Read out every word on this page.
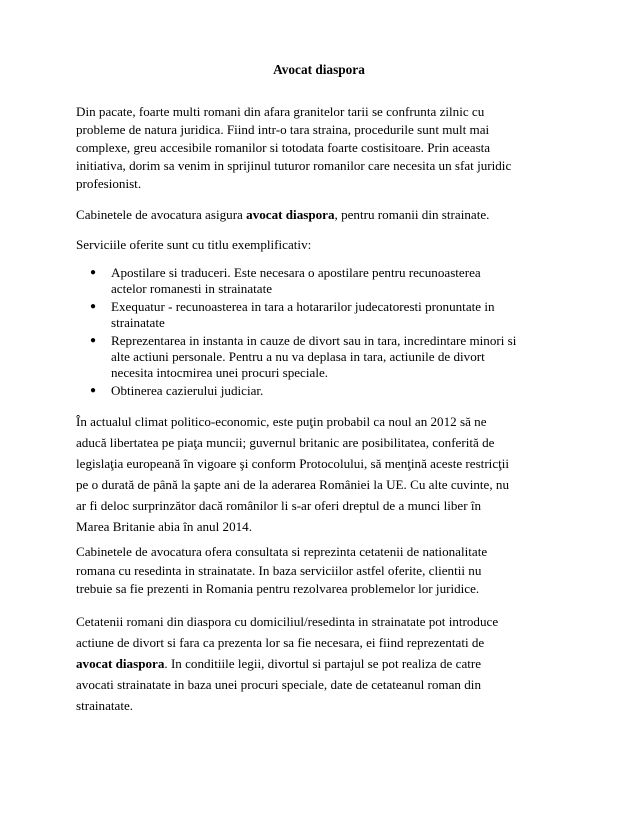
Avocat diaspora

Din pacate, foarte multi romani din afara granitelor tarii se confrunta zilnic cu
probleme de natura juridica. Fiind intr-o tara straina, procedurile sunt mult mai
complexe, greu accesibile romanilor si totodata foarte costisitoare. Prin aceasta
initiativa, dorim sa venim in sprijinul tuturor romanilor care necesita un sfat juridic
profesionist.

Cabinetele de avocatura asigura avocat diaspora, pentru romanii din strainate.

Serviciile oferite sunt cu titlu exemplificativ:

● Apostilare si traduceri. Este necesara o apostilare pentru recunoasterea
actelor romanesti in strainatate
● Exequatur - recunoasterea in tara a hotararilor judecatoresti pronuntate in
strainatate
● Reprezentarea in instanta in cauze de divort sau in tara, incredintare minori si
alte actiuni personale. Pentru a nu va deplasa in tara, actiunile de divort
necesita intocmirea unei procuri speciale.
● Obtinerea cazierului judiciar.

În actualul climat politico-economic, este puţin probabil ca noul an 2012 să ne
aducă libertatea pe piaţa muncii; guvernul britanic are posibilitatea, conferită de
legislaţia europeană în vigoare şi conform Protocolului, să menţină aceste restricţii
pe o durată de până la şapte ani de la aderarea României la UE. Cu alte cuvinte, nu
ar fi deloc surprinzător dacă românilor li s-ar oferi dreptul de a munci liber în
Marea Britanie abia în anul 2014.

Cabinetele de avocatura ofera consultata si reprezinta cetatenii de nationalitate
romana cu resedinta in strainatate. In baza serviciilor astfel oferite, clientii nu
trebuie sa fie prezenti in Romania pentru rezolvarea problemelor lor juridice.

Cetatenii romani din diaspora cu domiciliul/resedinta in strainatate pot introduce
actiune de divort si fara ca prezenta lor sa fie necesara, ei fiind reprezentati de
avocat diaspora. In conditiile legii, divortul si partajul se pot realiza de catre
avocati strainatate in baza unei procuri speciale, date de cetateanul roman din
strainatate.
